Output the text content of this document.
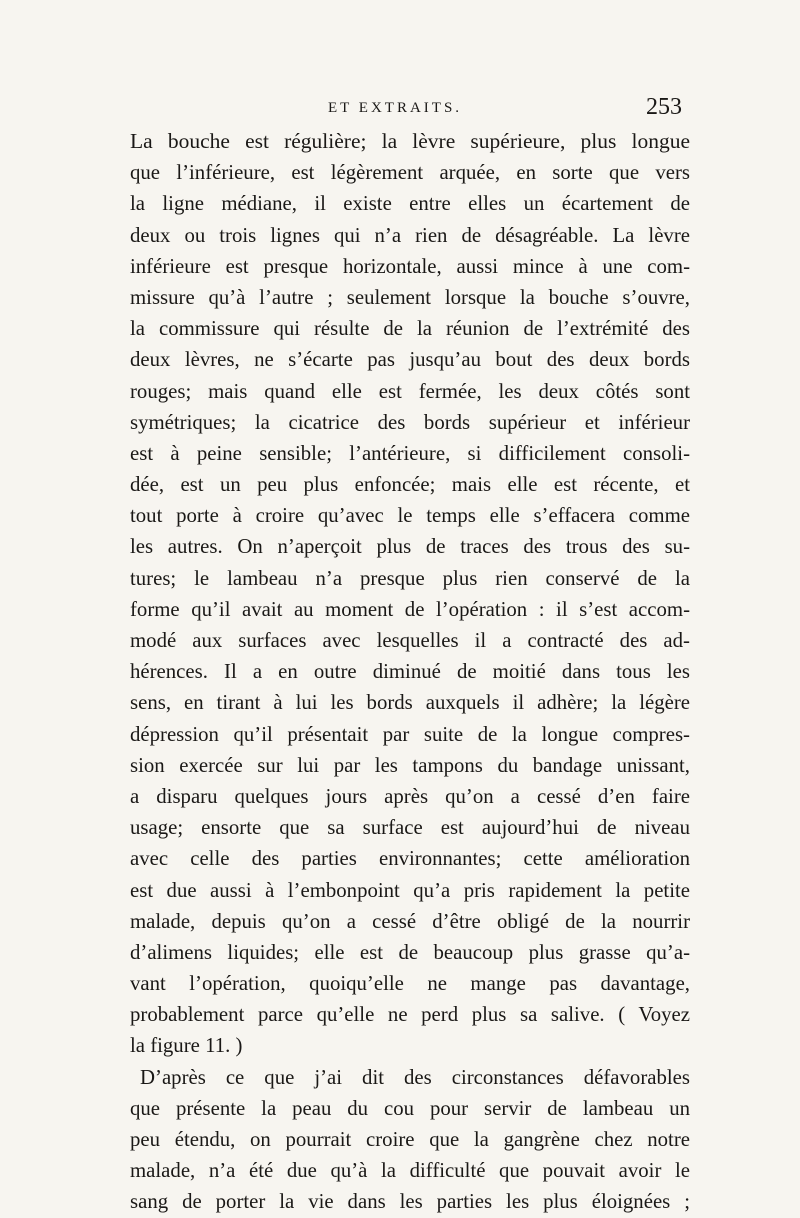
ET EXTRAITS.	253
La bouche est régulière; la lèvre supérieure, plus longue
que l’inférieure, est légèrement arquée, en sorte que vers
la ligne médiane, il existe entre elles un écartement de
deux ou trois lignes qui n’a rien de désagréable. La lèvre
inférieure est presque horizontale, aussi mince à une com-
missure qu’à l’autre ; seulement lorsque la bouche s’ouvre,
la commissure qui résulte de la réunion de l’extrémité des
deux lèvres, ne s’écarte pas jusqu’au bout des deux bords
rouges; mais quand elle est fermée, les deux côtés sont
symétriques; la cicatrice des bords supérieur et inférieur
est à peine sensible; l’antérieure, si difficilement consoli-
dée, est un peu plus enfoncée; mais elle est récente, et
tout porte à croire qu’avec le temps elle s’effacera comme
les autres. On n’aperçoit plus de traces des trous des su-
tures; le lambeau n’a presque plus rien conservé de la
forme qu’il avait au moment de l’opération : il s’est accom-
modé aux surfaces avec lesquelles il a contracté des ad-
hérences. Il a en outre diminué de moitié dans tous les
sens, en tirant à lui les bords auxquels il adhère; la légère
dépression qu’il présentait par suite de la longue compres-
sion exercée sur lui par les tampons du bandage unissant,
a disparu quelques jours après qu’on a cessé d’en faire
usage; ensorte que sa surface est aujourd’hui de niveau
avec celle des parties environnantes; cette amélioration
est due aussi à l’embonpoint qu’a pris rapidement la petite
malade, depuis qu’on a cessé d’être obligé de la nourrir
d’alimens liquides; elle est de beaucoup plus grasse qu’a-
vant l’opération, quoiqu’elle ne mange pas davantage,
probablement parce qu’elle ne perd plus sa salive. ( Voyez
la figure 11. )
D’après ce que j’ai dit des circonstances défavorables
que présente la peau du cou pour servir de lambeau un
peu étendu, on pourrait croire que la gangrène chez notre
malade, n’a été due qu’à la difficulté que pouvait avoir le
sang de porter la vie dans les parties les plus éloignées ;
